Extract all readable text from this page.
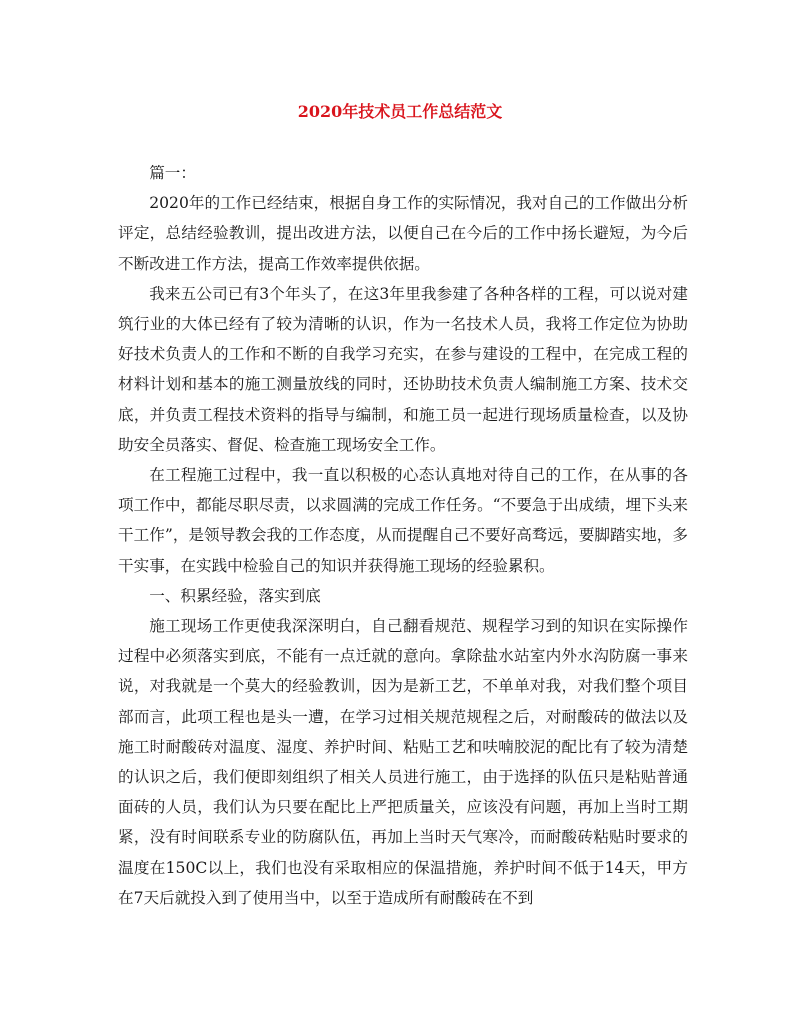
2020年技术员工作总结范文

篇一：

2020年的工作已经结束，根据自身工作的实际情况，我对自己的工作做出分析评定，总结经验教训，提出改进方法，以便自己在今后的工作中扬长避短，为今后不断改进工作方法，提高工作效率提供依据。

我来五公司已有3个年头了，在这3年里我参建了各种各样的工程，可以说对建筑行业的大体已经有了较为清晰的认识，作为一名技术人员，我将工作定位为协助好技术负责人的工作和不断的自我学习充实，在参与建设的工程中，在完成工程的材料计划和基本的施工测量放线的同时，还协助技术负责人编制施工方案、技术交底，并负责工程技术资料的指导与编制，和施工员一起进行现场质量检查，以及协助安全员落实、督促、检查施工现场安全工作。

在工程施工过程中，我一直以积极的心态认真地对待自己的工作，在从事的各项工作中，都能尽职尽责，以求圆满的完成工作任务。“不要急于出成绩，埋下头来干工作”，是领导教会我的工作态度，从而提醒自己不要好高骛远，要脚踏实地，多干实事，在实践中检验自己的知识并获得施工现场的经验累积。

一、积累经验，落实到底

施工现场工作更使我深深明白，自己翻看规范、规程学习到的知识在实际操作过程中必须落实到底，不能有一点迁就的意向。拿除盐水站室内外水沟防腐一事来说，对我就是一个莫大的经验教训，因为是新工艺，不单单对我，对我们整个项目部而言，此项工程也是头一遭，在学习过相关规范规程之后，对耐酸砖的做法以及施工时耐酸砖对温度、湿度、养护时间、粘贴工艺和呋喃胶泥的配比有了较为清楚的认识之后，我们便即刻组织了相关人员进行施工，由于选择的队伍只是粘贴普通面砖的人员，我们认为只要在配比上严把质量关，应该没有问题，再加上当时工期紧，没有时间联系专业的防腐队伍，再加上当时天气寒冷，而耐酸砖粘贴时要求的温度在150C以上，我们也没有采取相应的保温措施，养护时间不低于14天，甲方在7天后就投入到了使用当中，以至于造成所有耐酸砖在不到
